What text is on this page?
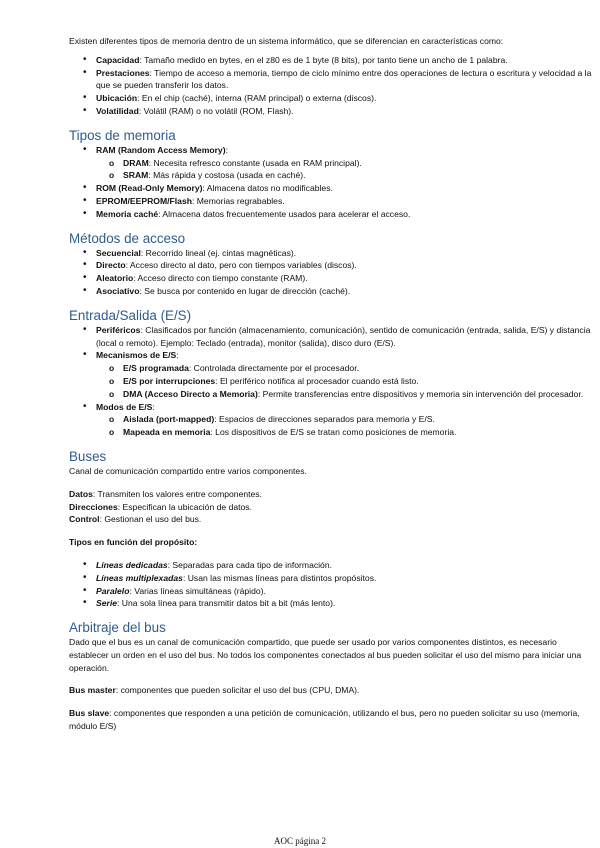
Existen diferentes tipos de memoria dentro de un sistema informático, que se diferencian en características como:

• Capacidad: Tamaño medido en bytes, en el z80 es de 1 byte (8 bits), por tanto tiene un ancho de 1 palabra.
• Prestaciones: Tiempo de acceso a memoria, tiempo de ciclo mínimo entre dos operaciones de lectura o escritura y velocidad a la que se pueden transferir los datos.
• Ubicación: En el chip (caché), interna (RAM principal) o externa (discos).
• Volatilidad: Volátil (RAM) o no volátil (ROM, Flash).
Tipos de memoria
• RAM (Random Access Memory):
o DRAM: Necesita refresco constante (usada en RAM principal).
o SRAM: Más rápida y costosa (usada en caché).
• ROM (Read-Only Memory): Almacena datos no modificables.
• EPROM/EEPROM/Flash: Memorias regrabables.
• Memoria caché: Almacena datos frecuentemente usados para acelerar el acceso.
Métodos de acceso
• Secuencial: Recorrido lineal (ej. cintas magnéticas).
• Directo: Acceso directo al dato, pero con tiempos variables (discos).
• Aleatorio: Acceso directo con tiempo constante (RAM).
• Asociativo: Se busca por contenido en lugar de dirección (caché).
Entrada/Salida (E/S)
• Periféricos: Clasificados por función (almacenamiento, comunicación), sentido de comunicación (entrada, salida, E/S) y distancia (local o remoto). Ejemplo: Teclado (entrada), monitor (salida), disco duro (E/S).
• Mecanismos de E/S:
o E/S programada: Controlada directamente por el procesador.
o E/S por interrupciones: El periférico notifica al procesador cuando está listo.
o DMA (Acceso Directo a Memoria): Permite transferencias entre dispositivos y memoria sin intervención del procesador.
• Modos de E/S:
o Aislada (port-mapped): Espacios de direcciones separados para memoria y E/S.
o Mapeada en memoria: Los dispositivos de E/S se tratan como posiciones de memoria.
Buses

Canal de comunicación compartido entre varios componentes.

Datos: Transmiten los valores entre componentes.

Direcciones: Especifican la ubicación de datos.

Control: Gestionan el uso del bus.

Tipos en función del propósito:

• Líneas dedicadas: Separadas para cada tipo de información.
• Líneas multiplexadas: Usan las mismas líneas para distintos propósitos.
• Paralelo: Varias líneas simultáneas (rápido).
• Serie: Una sola línea para transmitir datos bit a bit (más lento).
Arbitraje del bus

Dado que el bus es un canal de comunicación compartido, que puede ser usado por varios componentes distintos, es necesario establecer un orden en el uso del bus. No todos los componentes conectados al bus pueden solicitar el uso del mismo para iniciar una operación.

Bus master: componentes que pueden solicitar el uso del bus (CPU, DMA).

Bus slave: componentes que responden a una petición de comunicación, utilizando el bus, pero no pueden solicitar su uso (memoria, módulo E/S)

AOC página 2
